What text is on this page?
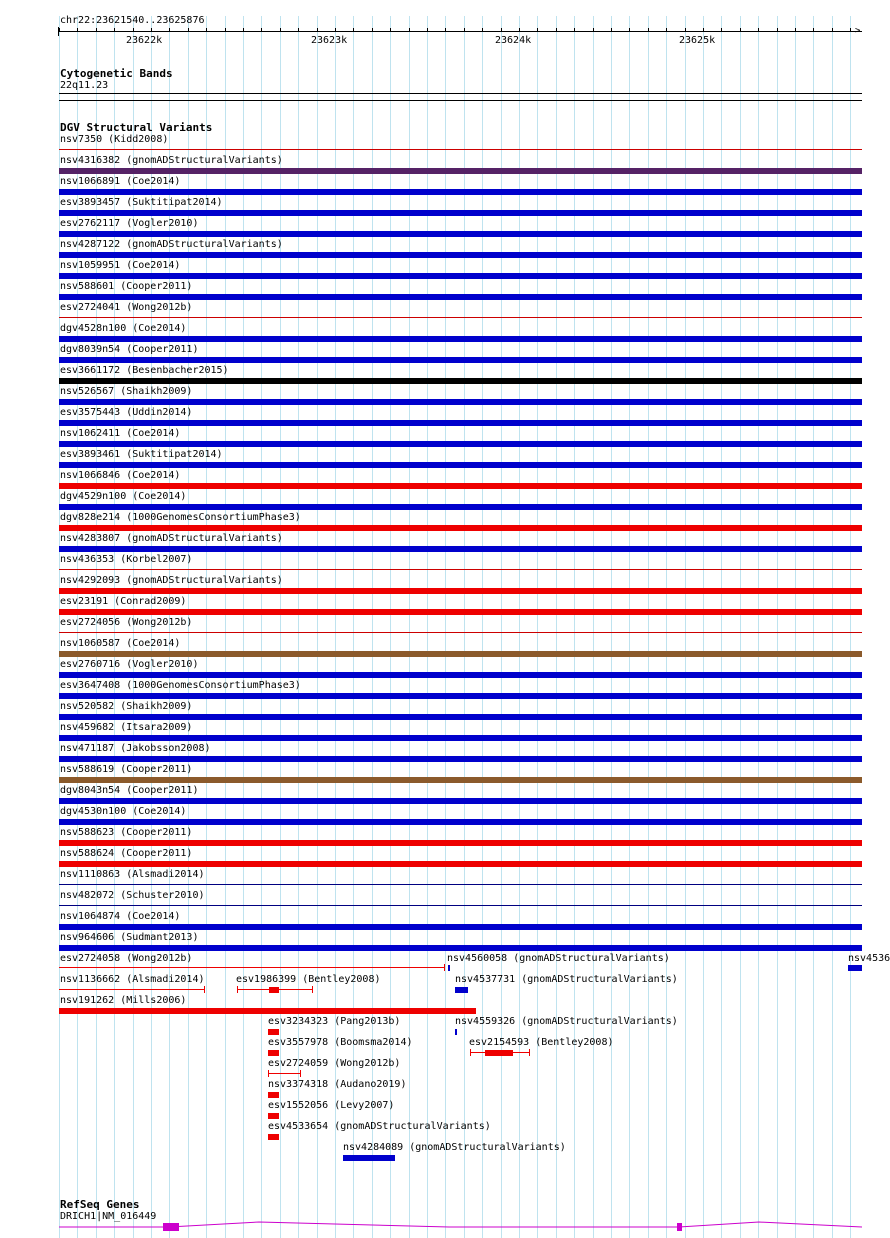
chr22:23621540..23625876
>
23622k	23623k	23624k	23625k
Cytogenetic Bands
22q11.23
DGV Structural Variants
nsv7350 (Kidd2008)
nsv4316382 (gnomADStructuralVariants)
nsv1066891 (Coe2014)
esv3893457 (Suktitipat2014)
esv2762117 (Vogler2010)
nsv4287122 (gnomADStructuralVariants)
nsv1059951 (Coe2014)
nsv588601 (Cooper2011)
esv2724041 (Wong2012b)
dgv4528n100 (Coe2014)
dgv8039n54 (Cooper2011)
esv3661172 (Besenbacher2015)
nsv526567 (Shaikh2009)
esv3575443 (Uddin2014)
nsv1062411 (Coe2014)
esv3893461 (Suktitipat2014)
nsv1066846 (Coe2014)
dgv4529n100 (Coe2014)
dgv828e214 (1000GenomesConsortiumPhase3)
nsv4283807 (gnomADStructuralVariants)
nsv436353 (Korbel2007)
nsv4292093 (gnomADStructuralVariants)
esv23191 (Conrad2009)
esv2724056 (Wong2012b)
nsv1060587 (Coe2014)
esv2760716 (Vogler2010)
esv3647408 (1000GenomesConsortiumPhase3)
nsv520582 (Shaikh2009)
nsv459682 (Itsara2009)
nsv471187 (Jakobsson2008)
nsv588619 (Cooper2011)
dgv8043n54 (Cooper2011)
dgv4530n100 (Coe2014)
nsv588623 (Cooper2011)
nsv588624 (Cooper2011)
nsv1110863 (Alsmadi2014)
nsv482072 (Schuster2010)
nsv1064874 (Coe2014)
nsv964606 (Sudmant2013)
esv2724058 (Wong2012b)	nsv4560058 (gnomADStructuralVariants)	nsv4536
nsv1136662 (Alsmadi2014)	esv1986399 (Bentley2008)	nsv4537731 (gnomADStructuralVariants)
nsv191262 (Mills2006)
esv3234323 (Pang2013b)	nsv4559326 (gnomADStructuralVariants)
esv3557978 (Boomsma2014)	esv2154593 (Bentley2008)
esv2724059 (Wong2012b)
nsv3374318 (Audano2019)
esv1552056 (Levy2007)
esv4533654 (gnomADStructuralVariants)
nsv4284089 (gnomADStructuralVariants)
RefSeq Genes
DRICH1|NM_016449
